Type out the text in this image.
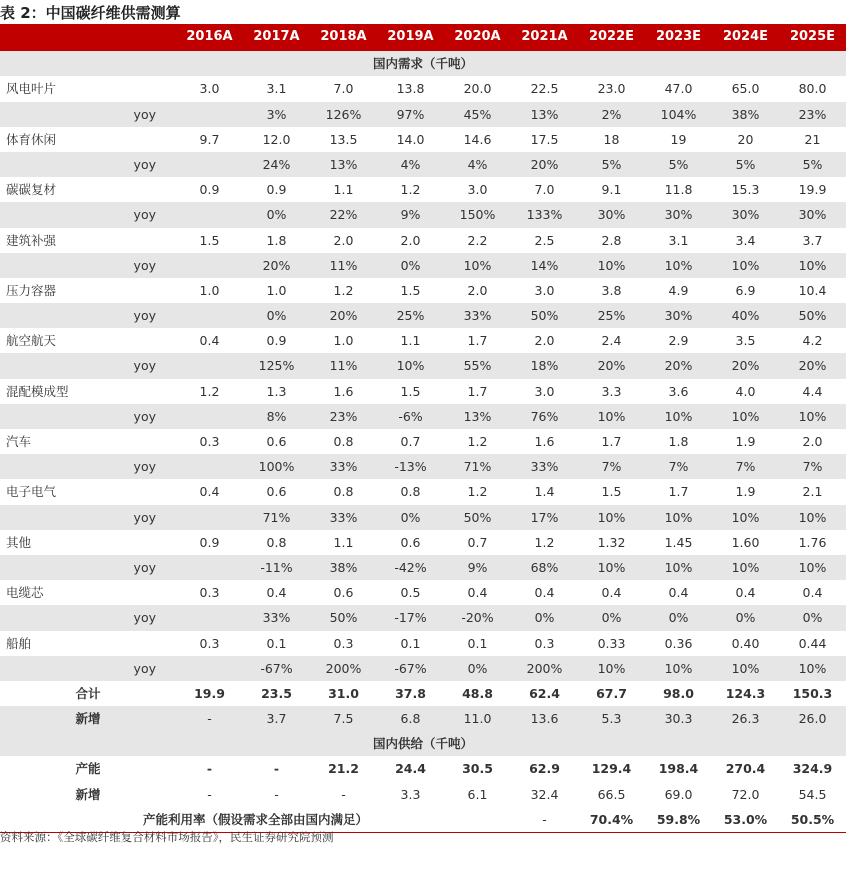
表 2：中国碳纤维供需测算
	2016A	2017A	2018A	2019A	2020A	2021A	2022E	2023E	2024E	2025E
国内需求（千吨）										
风电叶片	3.0	3.1	7.0	13.8	20.0	22.5	23.0	47.0	65.0	80.0
yoy		3%	126%	97%	45%	13%	2%	104%	38%	23%
体育休闲	9.7	12.0	13.5	14.0	14.6	17.5	18	19	20	21
yoy		24%	13%	4%	4%	20%	5%	5%	5%	5%
碳碳复材	0.9	0.9	1.1	1.2	3.0	7.0	9.1	11.8	15.3	19.9
yoy		0%	22%	9%	150%	133%	30%	30%	30%	30%
建筑补强	1.5	1.8	2.0	2.0	2.2	2.5	2.8	3.1	3.4	3.7
yoy		20%	11%	0%	10%	14%	10%	10%	10%	10%
压力容器	1.0	1.0	1.2	1.5	2.0	3.0	3.8	4.9	6.9	10.4
yoy		0%	20%	25%	33%	50%	25%	30%	40%	50%
航空航天	0.4	0.9	1.0	1.1	1.7	2.0	2.4	2.9	3.5	4.2
yoy		125%	11%	10%	55%	18%	20%	20%	20%	20%
混配模成型	1.2	1.3	1.6	1.5	1.7	3.0	3.3	3.6	4.0	4.4
yoy		8%	23%	-6%	13%	76%	10%	10%	10%	10%
汽车	0.3	0.6	0.8	0.7	1.2	1.6	1.7	1.8	1.9	2.0
yoy		100%	33%	-13%	71%	33%	7%	7%	7%	7%
电子电气	0.4	0.6	0.8	0.8	1.2	1.4	1.5	1.7	1.9	2.1
yoy		71%	33%	0%	50%	17%	10%	10%	10%	10%
其他	0.9	0.8	1.1	0.6	0.7	1.2	1.32	1.45	1.60	1.76
yoy		-11%	38%	-42%	9%	68%	10%	10%	10%	10%
电缆芯	0.3	0.4	0.6	0.5	0.4	0.4	0.4	0.4	0.4	0.4
yoy		33%	50%	-17%	-20%	0%	0%	0%	0%	0%
船舶	0.3	0.1	0.3	0.1	0.1	0.3	0.33	0.36	0.40	0.44
yoy		-67%	200%	-67%	0%	200%	10%	10%	10%	10%
合计	19.9	23.5	31.0	37.8	48.8	62.4	67.7	98.0	124.3	150.3
新增	-	3.7	7.5	6.8	11.0	13.6	5.3	30.3	26.3	26.0
国内供给（千吨）										
产能	-	-	21.2	24.4	30.5	62.9	129.4	198.4	270.4	324.9
新增	-	-	-	3.3	6.1	32.4	66.5	69.0	72.0	54.5
产能利用率（假设需求全部由国内满足）						-	70.4%	59.8%	53.0%	50.5%
资料来源：《全球碳纤维复合材料市场报告》，民生证券研究院预测
